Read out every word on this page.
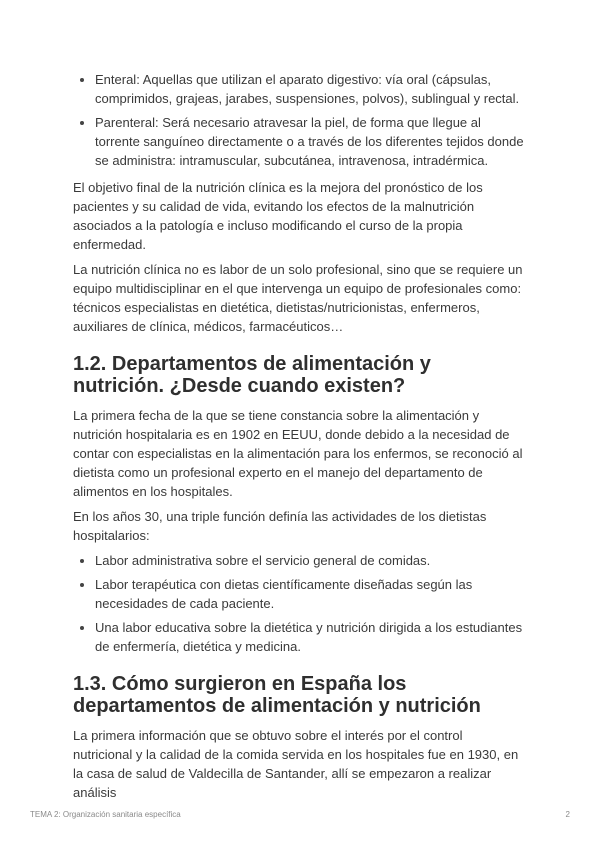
Enteral: Aquellas que utilizan el aparato digestivo: vía oral (cápsulas, comprimidos, grajeas, jarabes, suspensiones, polvos), sublingual y rectal.
Parenteral: Será necesario atravesar la piel, de forma que llegue al torrente sanguíneo directamente o a través de los diferentes tejidos donde se administra: intramuscular, subcutánea, intravenosa, intradérmica.

El objetivo final de la nutrición clínica es la mejora del pronóstico de los pacientes y su calidad de vida, evitando los efectos de la malnutrición asociados a la patología e incluso modificando el curso de la propia enfermedad.

La nutrición clínica no es labor de un solo profesional, sino que se requiere un equipo multidisciplinar en el que intervenga un equipo de profesionales como: técnicos especialistas en dietética, dietistas/nutricionistas, enfermeros, auxiliares de clínica, médicos, farmacéuticos…

1.2. Departamentos de alimentación y nutrición. ¿Desde cuando existen?

La primera fecha de la que se tiene constancia sobre la alimentación y nutrición hospitalaria es en 1902 en EEUU, donde debido a la necesidad de contar con especialistas en la alimentación para los enfermos, se reconoció al dietista como un profesional experto en el manejo del departamento de alimentos en los hospitales.

En los años 30, una triple función definía las actividades de los dietistas hospitalarios:

Labor administrativa sobre el servicio general de comidas.
Labor terapéutica con dietas científicamente diseñadas según las necesidades de cada paciente.
Una labor educativa sobre la dietética y nutrición dirigida a los estudiantes de enfermería, dietética y medicina.
1.3. Cómo surgieron en España los departamentos de alimentación y nutrición

La primera información que se obtuvo sobre el interés por el control nutricional y la calidad de la comida servida en los hospitales fue en 1930, en la casa de salud de Valdecilla de Santander, allí se empezaron a realizar análisis

TEMA 2: Organización sanitaria específica	2
